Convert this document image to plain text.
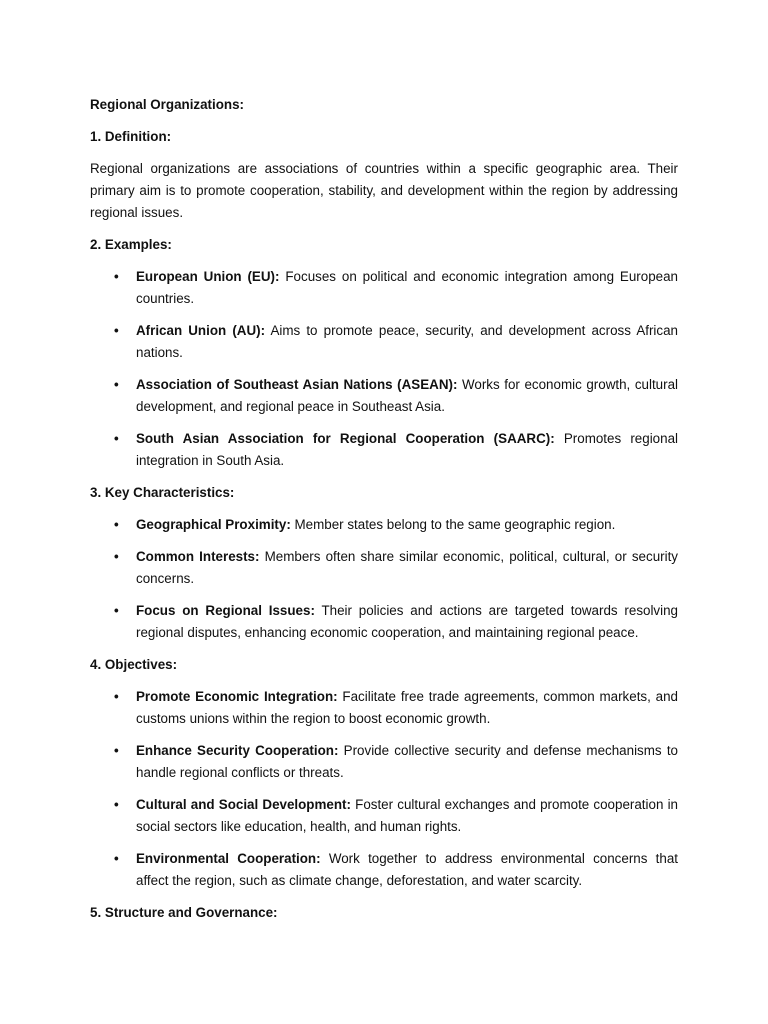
Regional Organizations:

1. Definition:

Regional organizations are associations of countries within a specific geographic area. Their primary aim is to promote cooperation, stability, and development within the region by addressing regional issues.

2. Examples:

• European Union (EU): Focuses on political and economic integration among European countries.
• African Union (AU): Aims to promote peace, security, and development across African nations.
• Association of Southeast Asian Nations (ASEAN): Works for economic growth, cultural development, and regional peace in Southeast Asia.
• South Asian Association for Regional Cooperation (SAARC): Promotes regional integration in South Asia.

3. Key Characteristics:

• Geographical Proximity: Member states belong to the same geographic region.
• Common Interests: Members often share similar economic, political, cultural, or security concerns.
• Focus on Regional Issues: Their policies and actions are targeted towards resolving regional disputes, enhancing economic cooperation, and maintaining regional peace.

4. Objectives:

• Promote Economic Integration: Facilitate free trade agreements, common markets, and customs unions within the region to boost economic growth.
• Enhance Security Cooperation: Provide collective security and defense mechanisms to handle regional conflicts or threats.
• Cultural and Social Development: Foster cultural exchanges and promote cooperation in social sectors like education, health, and human rights.
• Environmental Cooperation: Work together to address environmental concerns that affect the region, such as climate change, deforestation, and water scarcity.

5. Structure and Governance:
